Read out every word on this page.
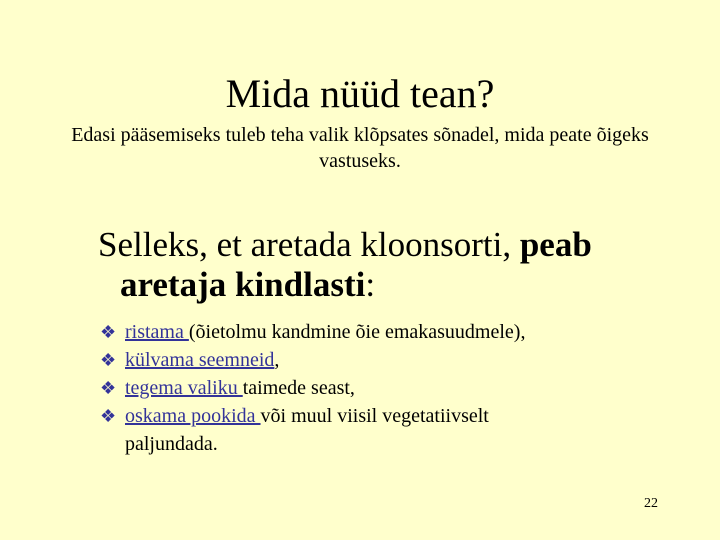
Mida nüüd tean?
Edasi pääsemiseks tuleb teha valik klõpsates sõnadel, mida peate õigeks vastuseks.
Selleks, et aretada kloonsorti, peab
aretaja kindlasti:
❖ ristama (õietolmu kandmine õie emakasuudmele),
❖ külvama seemneid,
❖ tegema valiku taimede seast,
❖ oskama pookida või muul viisil vegetatiivselt
paljundada.
22
